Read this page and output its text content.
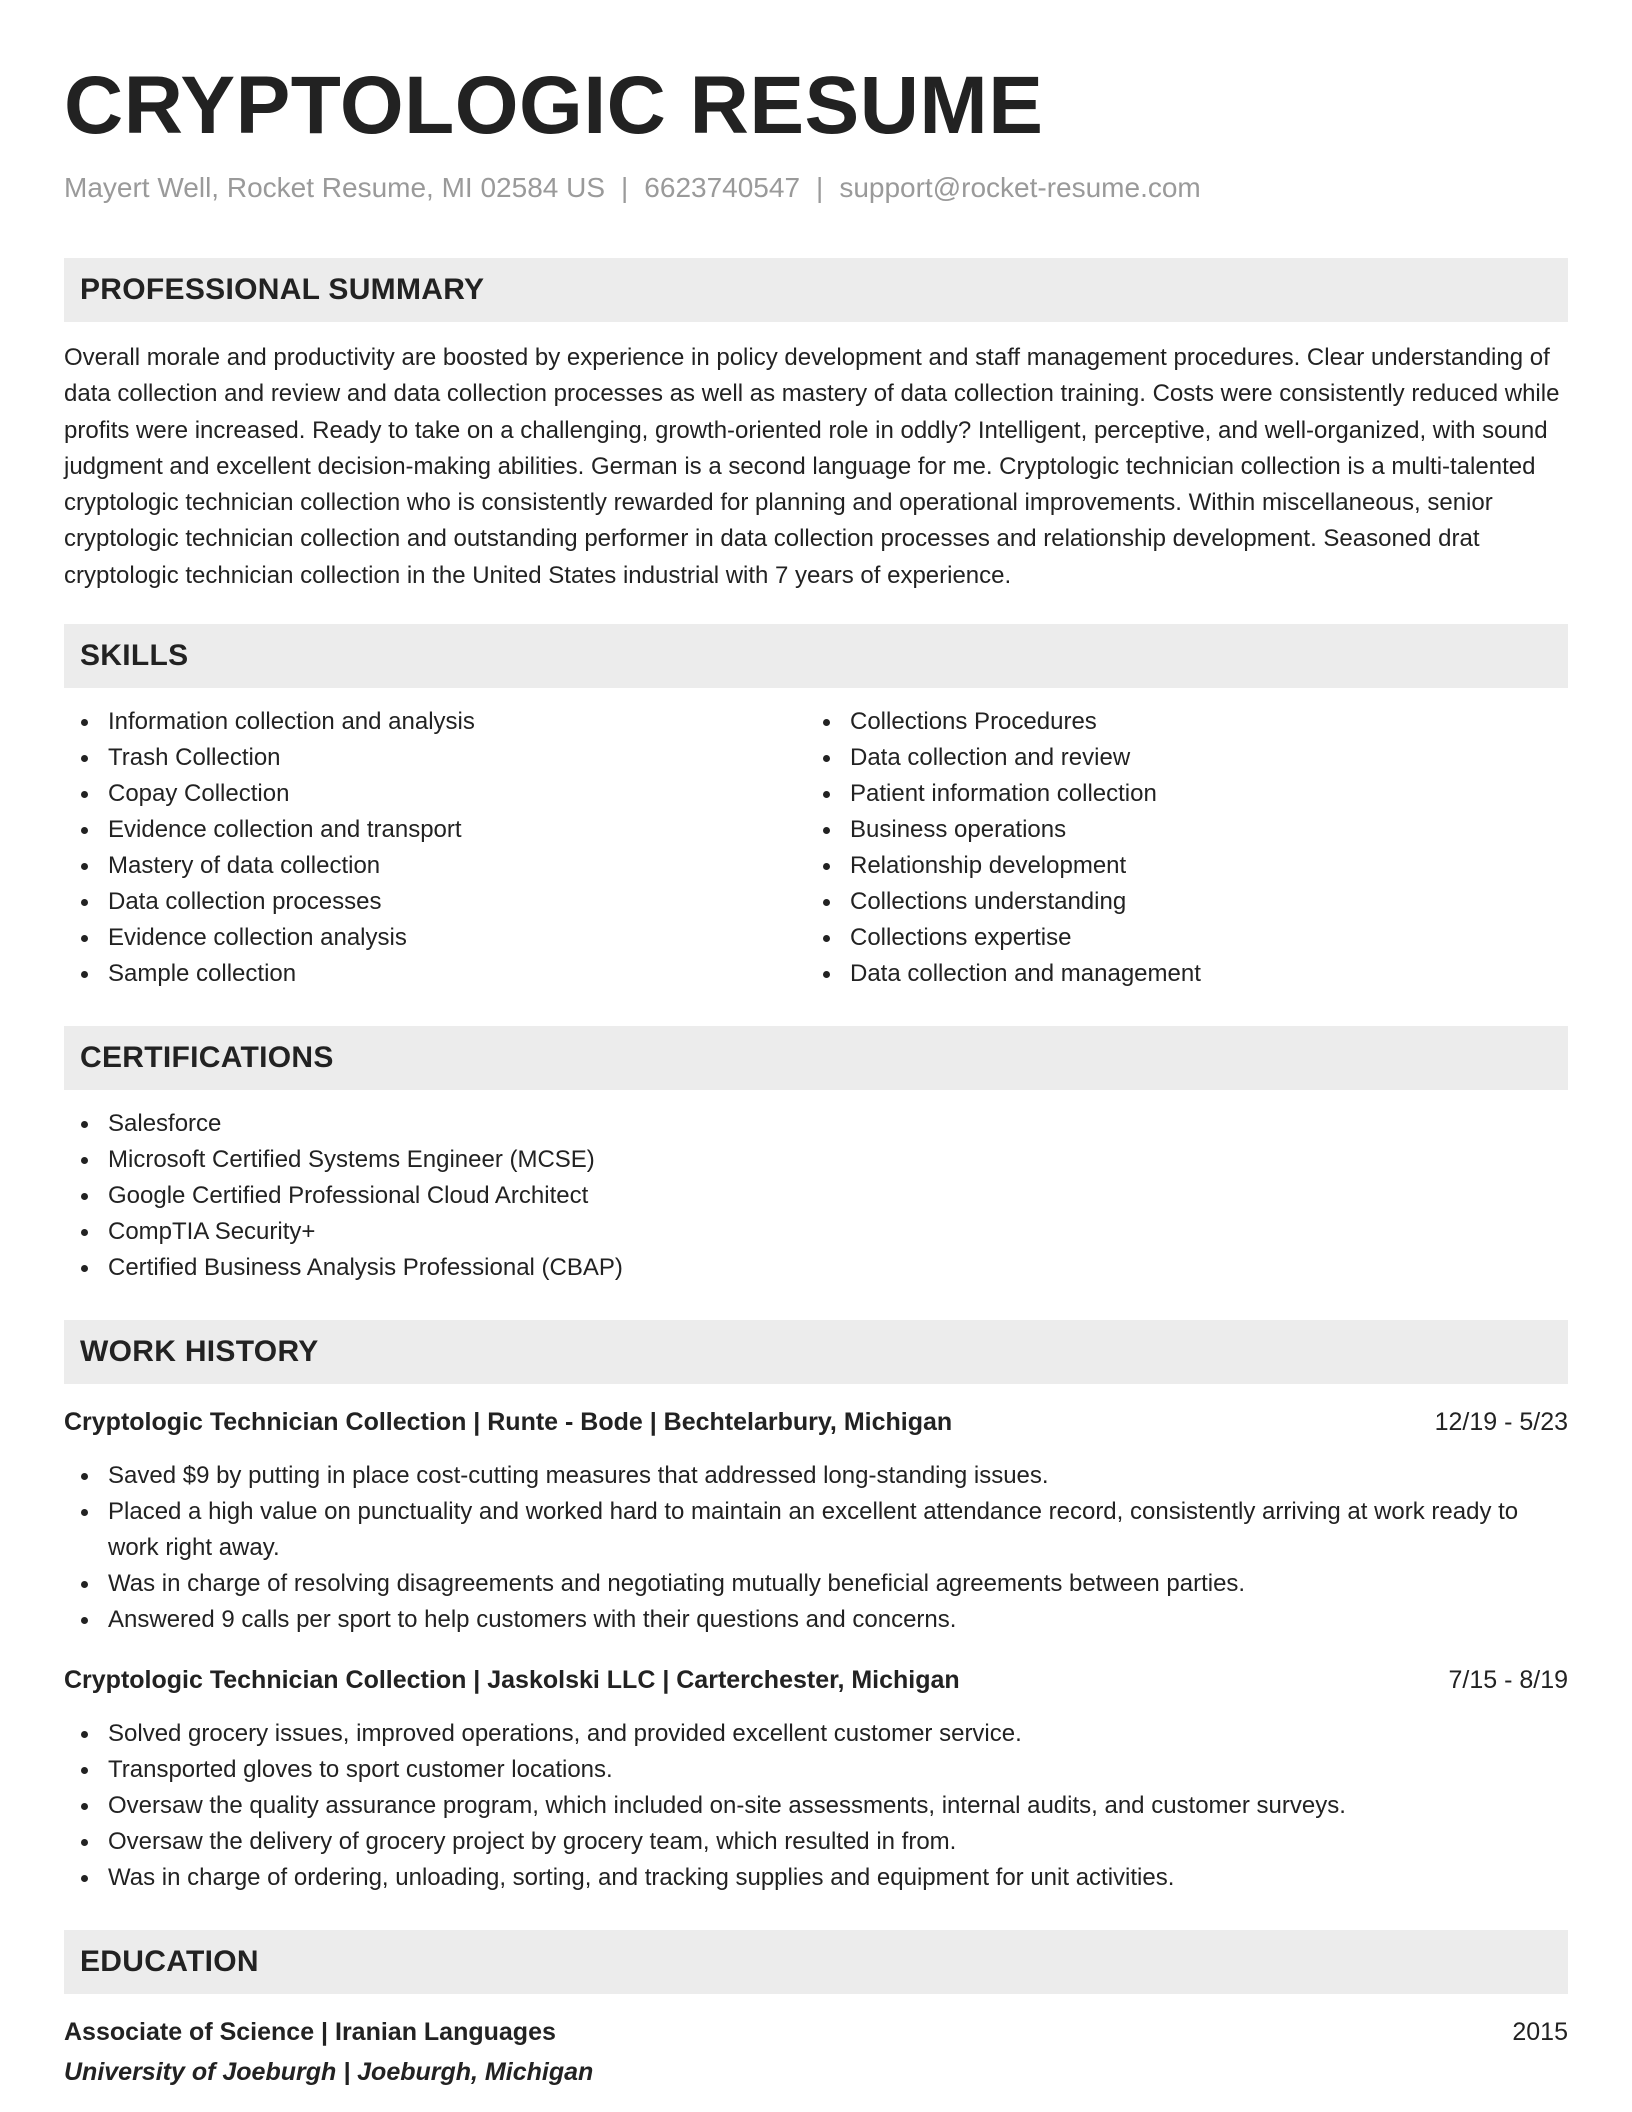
CRYPTOLOGIC RESUME
Mayert Well, Rocket Resume, MI 02584 US | 6623740547 | support@rocket-resume.com
PROFESSIONAL SUMMARY
Overall morale and productivity are boosted by experience in policy development and staff management procedures. Clear understanding of data collection and review and data collection processes as well as mastery of data collection training. Costs were consistently reduced while profits were increased. Ready to take on a challenging, growth-oriented role in oddly? Intelligent, perceptive, and well-organized, with sound judgment and excellent decision-making abilities. German is a second language for me. Cryptologic technician collection is a multi-talented cryptologic technician collection who is consistently rewarded for planning and operational improvements. Within miscellaneous, senior cryptologic technician collection and outstanding performer in data collection processes and relationship development. Seasoned drat cryptologic technician collection in the United States industrial with 7 years of experience.
SKILLS
Information collection and analysis
Trash Collection
Copay Collection
Evidence collection and transport
Mastery of data collection
Data collection processes
Evidence collection analysis
Sample collection
Collections Procedures
Data collection and review
Patient information collection
Business operations
Relationship development
Collections understanding
Collections expertise
Data collection and management
CERTIFICATIONS
Salesforce
Microsoft Certified Systems Engineer (MCSE)
Google Certified Professional Cloud Architect
CompTIA Security+
Certified Business Analysis Professional (CBAP)
WORK HISTORY
Cryptologic Technician Collection | Runte - Bode | Bechtelarbury, Michigan	12/19 - 5/23
Saved $9 by putting in place cost-cutting measures that addressed long-standing issues.
Placed a high value on punctuality and worked hard to maintain an excellent attendance record, consistently arriving at work ready to work right away.
Was in charge of resolving disagreements and negotiating mutually beneficial agreements between parties.
Answered 9 calls per sport to help customers with their questions and concerns.
Cryptologic Technician Collection | Jaskolski LLC | Carterchester, Michigan	7/15 - 8/19
Solved grocery issues, improved operations, and provided excellent customer service.
Transported gloves to sport customer locations.
Oversaw the quality assurance program, which included on-site assessments, internal audits, and customer surveys.
Oversaw the delivery of grocery project by grocery team, which resulted in from.
Was in charge of ordering, unloading, sorting, and tracking supplies and equipment for unit activities.
EDUCATION
Associate of Science | Iranian Languages	2015
University of Joeburgh | Joeburgh, Michigan
